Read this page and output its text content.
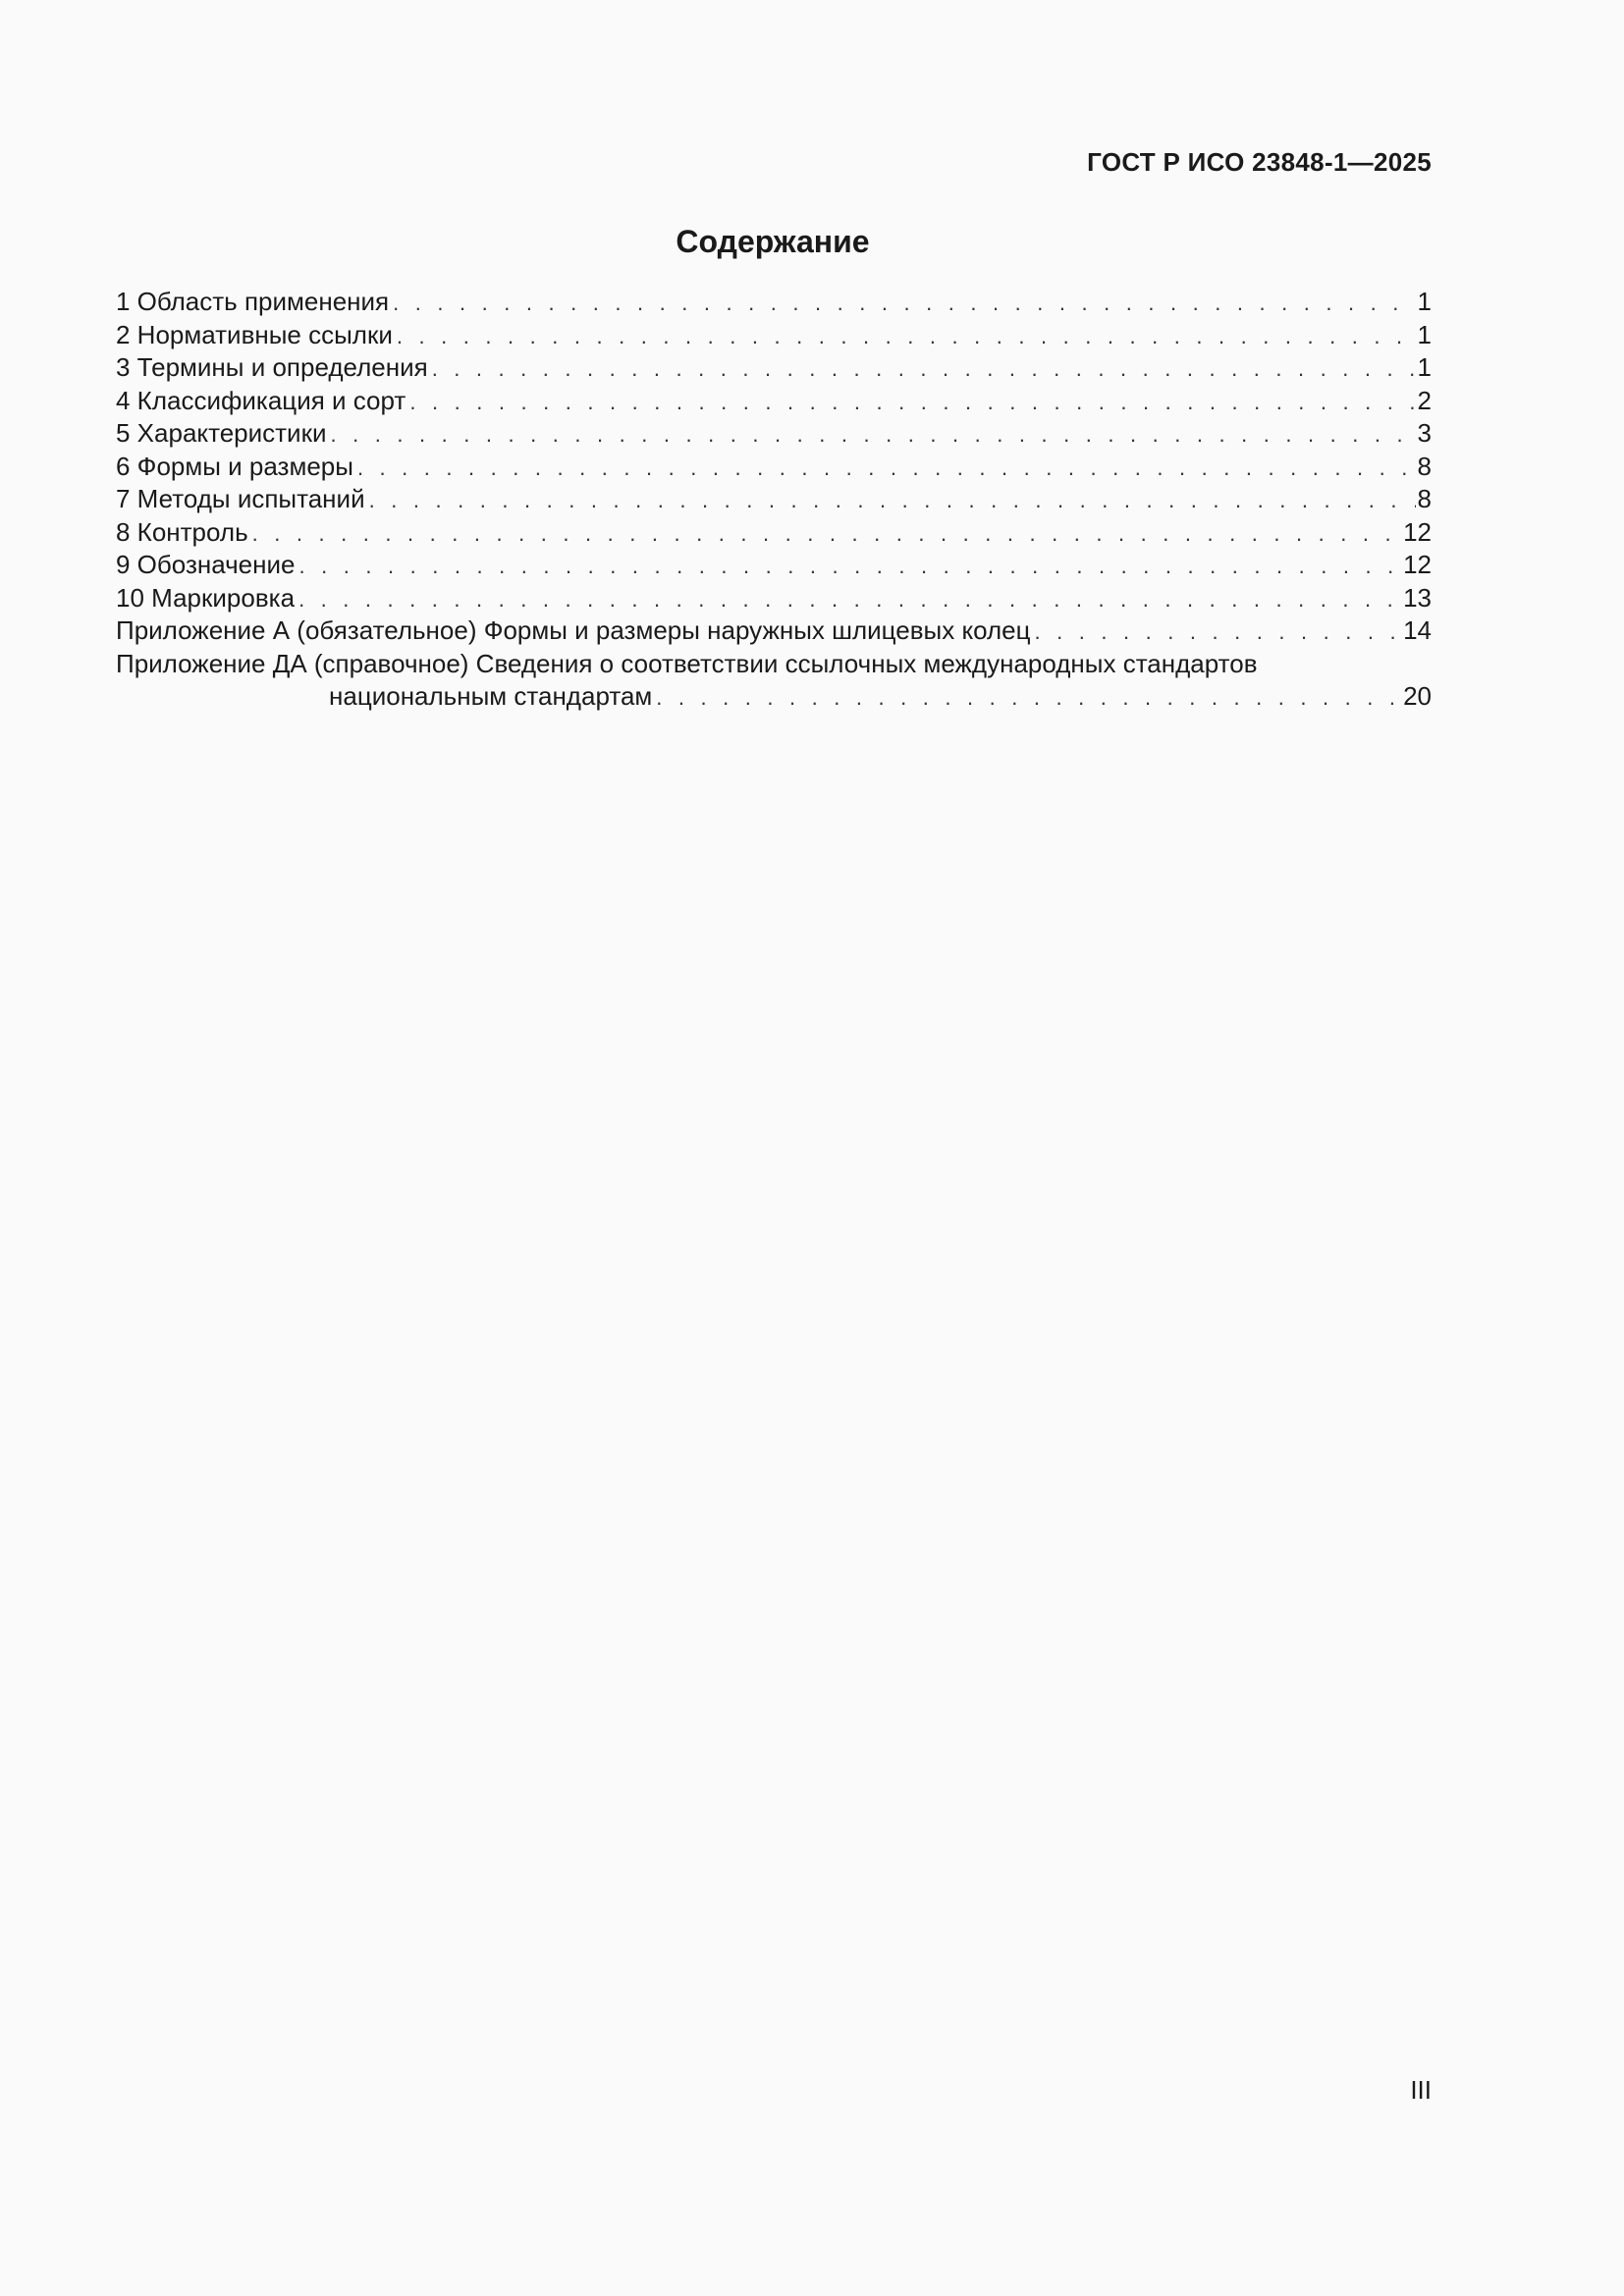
ГОСТ Р ИСО 23848-1—2025
Содержание
1 Область применения . . .	1
2 Нормативные ссылки . . .	1
3 Термины и определения . . .	1
4 Классификация и сорт . . .	2
5 Характеристики . . .	3
6 Формы и размеры . . .	8
7 Методы испытаний . . .	8
8 Контроль . . .	12
9 Обозначение . . .	12
10 Маркировка . . .	13
Приложение А (обязательное) Формы и размеры наружных шлицевых колец . . .	14
Приложение ДА (справочное) Сведения о соответствии ссылочных международных стандартов
национальным стандартам . . .	20
III
